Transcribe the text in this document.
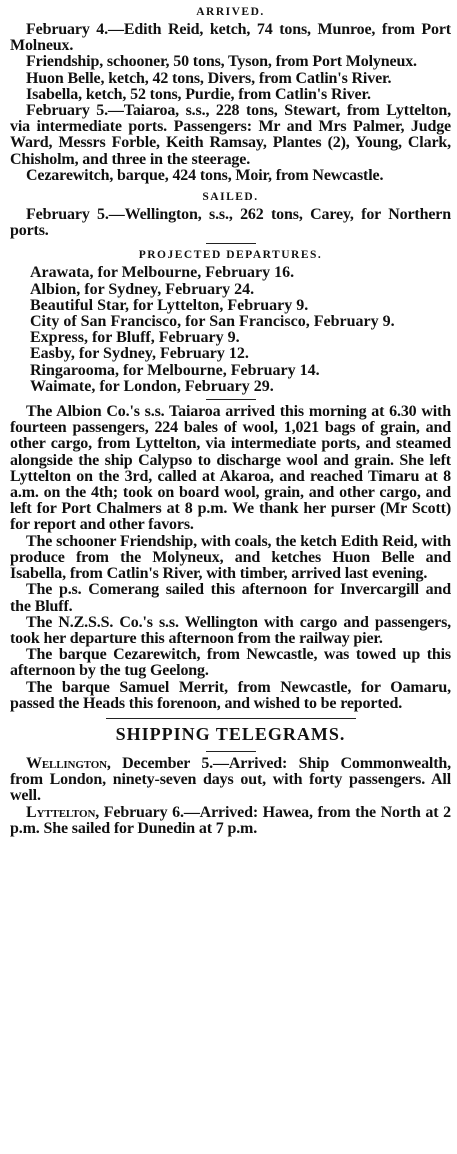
ARRIVED.

February 4.—Edith Reid, ketch, 74 tons, Munroe, from Port Molneux.

Friendship, schooner, 50 tons, Tyson, from Port Molyneux.

Huon Belle, ketch, 42 tons, Divers, from Catlin's River.

Isabella, ketch, 52 tons, Purdie, from Catlin's River.

February 5.—Taiaroa, s.s., 228 tons, Stewart, from Lyttelton, via intermediate ports. Passengers: Mr and Mrs Palmer, Judge Ward, Messrs Forble, Keith Ramsay, Plantes (2), Young, Clark, Chisholm, and three in the steerage.

Cezarewitch, barque, 424 tons, Moir, from Newcastle.

SAILED.

February 5.—Wellington, s.s., 262 tons, Carey, for Northern ports.

PROJECTED DEPARTURES.

Arawata, for Melbourne, February 16.

Albion, for Sydney, February 24.

Beautiful Star, for Lyttelton, February 9.

City of San Francisco, for San Francisco, February 9.

Express, for Bluff, February 9.

Easby, for Sydney, February 12.

Ringarooma, for Melbourne, February 14.

Waimate, for London, February 29.

The Albion Co.'s s.s. Taiaroa arrived this morning at 6.30 with fourteen passengers, 224 bales of wool, 1,021 bags of grain, and other cargo, from Lyttelton, via intermediate ports, and steamed alongside the ship Calypso to discharge wool and grain. She left Lyttelton on the 3rd, called at Akaroa, and reached Timaru at 8 a.m. on the 4th; took on board wool, grain, and other cargo, and left for Port Chalmers at 8 p.m. We thank her purser (Mr Scott) for report and other favors.

The schooner Friendship, with coals, the ketch Edith Reid, with produce from the Molyneux, and ketches Huon Belle and Isabella, from Catlin's River, with timber, arrived last evening.

The p.s. Comerang sailed this afternoon for Invercargill and the Bluff.

The N.Z.S.S. Co.'s s.s. Wellington with cargo and passengers, took her departure this afternoon from the railway pier.

The barque Cezarewitch, from Newcastle, was towed up this afternoon by the tug Geelong.

The barque Samuel Merrit, from Newcastle, for Oamaru, passed the Heads this forenoon, and wished to be reported.

SHIPPING TELEGRAMS.

Wellington, December 5.—Arrived: Ship Commonwealth, from London, ninety-seven days out, with forty passengers. All well.

Lyttelton, February 6.—Arrived: Hawea, from the North at 2 p.m. She sailed for Dunedin at 7 p.m.
